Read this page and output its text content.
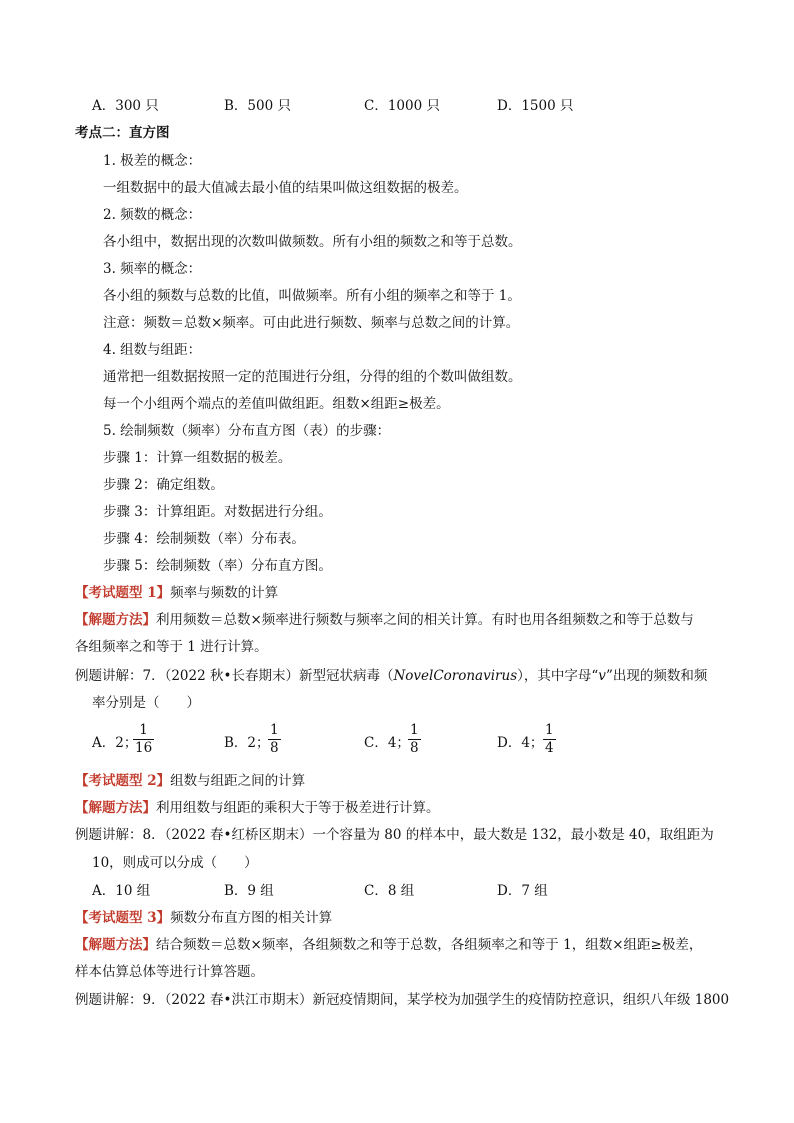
A．300 只	B．500 只	C．1000 只	D．1500 只
考点二：直方图
1. 极差的概念：
一组数据中的最大值减去最小值的结果叫做这组数据的极差。
2. 频数的概念：
各小组中，数据出现的次数叫做频数。所有小组的频数之和等于总数。
3. 频率的概念：
各小组的频数与总数的比值，叫做频率。所有小组的频率之和等于 1。
注意：频数＝总数×频率。可由此进行频数、频率与总数之间的计算。
4. 组数与组距：
通常把一组数据按照一定的范围进行分组，分得的组的个数叫做组数。
每一个小组两个端点的差值叫做组距。组数×组距≥极差。
5. 绘制频数（频率）分布直方图（表）的步骤：
步骤 1：计算一组数据的极差。
步骤 2：确定组数。
步骤 3：计算组距。对数据进行分组。
步骤 4：绘制频数（率）分布表。
步骤 5：绘制频数（率）分布直方图。
【考试题型 1】频率与频数的计算
【解题方法】利用频数＝总数×频率进行频数与频率之间的相关计算。有时也用各组频数之和等于总数与
各组频率之和等于 1 进行计算。
例题讲解：7．（2022 秋•长春期末）新型冠状病毒（NovelCoronavirus），其中字母“v”出现的频数和频
率分别是（　　）
A．2；
$\frac{1}{16}$	B．2；
$\frac{1}{8}$	C．4；
$\frac{1}{8}$	D．4； $\frac{1}{4}$
【考试题型 2】组数与组距之间的计算
【解题方法】利用组数与组距的乘积大于等于极差进行计算。
例题讲解：8．（2022 春•红桥区期末）一个容量为 80 的样本中，最大数是 132，最小数是 40，取组距为
10，则成可以分成（　　）
A．10 组	B．9 组	C．8 组	D．7 组
【考试题型 3】频数分布直方图的相关计算
【解题方法】结合频数＝总数×频率，各组频数之和等于总数，各组频率之和等于 1，组数×组距≥极差，
样本估算总体等进行计算答题。
例题讲解：9．（2022 春•洪江市期末）新冠疫情期间，某学校为加强学生的疫情防控意识，组织八年级 1800
